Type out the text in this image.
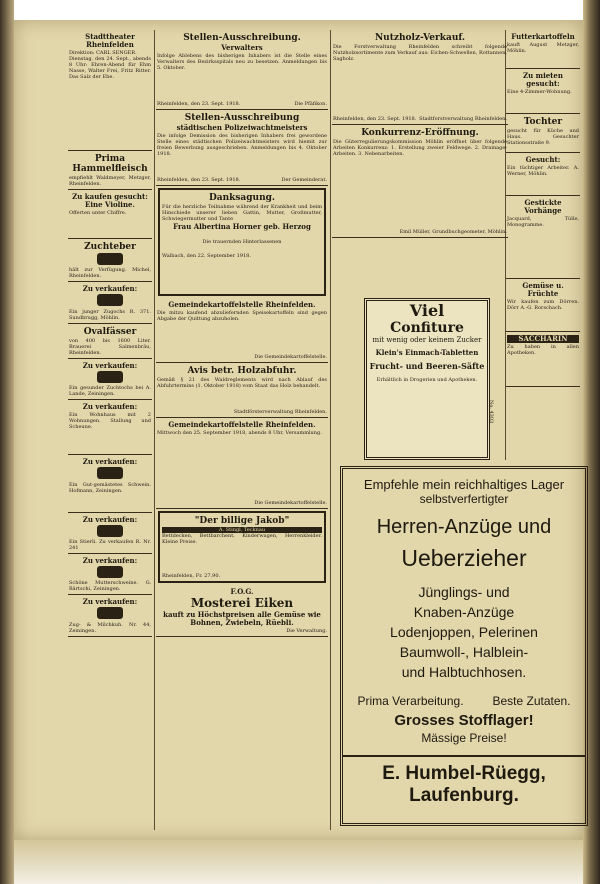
Stadttheater Rheinfelden
Direktion: CARL SENGER.
Dienstag, den 24. Sept., abends 8 Uhr: Ehren-Abend für Ehm Nasse, Walter Frei, Fritz Ritter. Das Salz der Ehe.
Prima Hammelfleisch
empfiehlt Waldmeyer, Metzger, Rheinfelden.
Zu kaufen gesucht: Eine Violine.
Offerten unter Chiffre.
Zuchteber
hält zur Verfügung. Michel, Rheinfelden.
Zu verkaufen:
Ein junger Zugochs R. 371. Sundbrugg, Möhlin.
Ovalfässer
von 400 bis 1600 Liter. Brauerei Salmenbräu, Rheinfelden.
Zu verkaufen:
Ein gesunder Zuchtochs bei A. Lande, Zeiningen.
Zu verkaufen:
Ein Wohnhaus mit 2 Wohnungen. Stallung und Scheune.
Zu verkaufen:
Ein Gut-gemästetes Schwein. Hofmann, Zeiningen.
Zu verkaufen:
Ein Stierli. Zu verkaufen R. Nr. 241
Zu verkaufen:
Schöne Mutterschweine. G. Bärtschi, Zeiningen.
Zu verkaufen:
Zug- & Milchkuh. Nr. 44, Zeiningen.
Stellen-Ausschreibung.
Verwalters
Infolge Ablebens des bisherigen Inhabers ist die Stelle eines Verwalters des Bezirksspitals neu zu besetzen. Anmeldungen bis 5. Oktober.
Rheinfelden, den 23. Sept. 1918.	Die Pfäfikon.
Stellen-Ausschreibung
städtischen Polizeiwachtmeisters
Die infolge Demission des bisherigen Inhabers frei gewordene Stelle eines städtischen Polizeiwachtmeisters wird hiemit zur freien Bewerbung ausgeschrieben. Anmeldungen bis 4. Oktober 1918.
Rheinfelden, den 23. Sept. 1918.	Der Gemeinderat.
Danksagung.
Für die herzliche Teilnahme während der Krankheit und beim Hinschiede unserer lieben Gattin, Mutter, Großmutter, Schwiegermutter und Tante
Frau Albertina Horner geb. Herzog
Die trauernden Hinterlassenen
Walbach, den 22. September 1918.
Gemeindekartoffelstelle Rheinfelden.
Die mitzu kaufend abzuliefernden Speisekartoffeln sind gegen Abgabe der Quittung abzuholen.
Die Gemeindekartoffelstelle.
Avis betr. Holzabfuhr.
Gemäß § 21 des Waldreglements wird nach Ablauf des Abfuhrtermins (1. Oktober 1918) vom Staat das Holz behandelt.
Stadtförsterverwaltung Rheinfelden.
Gemeindekartoffelstelle Rheinfelden.
Mittwoch den 25. September 1918, abends 8 Uhr, Versammlung.
Die Gemeindekartoffelstelle.
"Der billige Jakob"
A. Stingl, Tecknau
Bettdecken, Bettbarchent, Kinderwagen, Herrenkleider. Kleine Preise.
Rheinfelden, Fr. 27.90.
F.O.G.
Mosterei Eiken
kauft zu Höchstpreisen alle Gemüse wie Bohnen, Zwiebeln, Rüebli.
Die Verwaltung.
Nutzholz-Verkauf.
Die Forstverwaltung Rheinfelden schreibt folgende Nutzholzsortimente zum Verkauf aus: Eichen-Schwellen, Rottannen, Sagholz.
Rheinfelden, den 23. Sept. 1918. Stadtforstverwaltung Rheinfelden.
Konkurrenz-Eröffnung.
Die Güterregulierungskommission Möhlin eröffnet über folgende Arbeiten Konkurrenz: 1. Erstellung zweier Feldwege. 2. Drainage-Arbeiten. 3. Nebenarbeiten.
Emil Müller, Grundbuchgeometer, Möhlin.
Viel
Confiture
mit wenig oder keinem Zucker
Klein's Einmach-Tabletten
Frucht- und Beeren-Säfte
Erhältlich in Drogerien und Apotheken.
No. 4303
Futterkartoffeln
kauft August Metzger, Möhlin.
Zu mieten gesucht:
Eine 4-Zimmer-Wohnung.
Tochter
gesucht für Küche und Haus. Gesuchter Stationsstraße 9.
Gesucht:
Ein tüchtiger Arbeiter. A. Werner, Möhlin.
Gestickte Vorhänge
Jacquard, Tülle, Monogramme.
Gemüse u. Früchte
Wir kaufen zum Dörren. Dörr A.-G. Rorschach.
SACCHARIN
Zu haben in allen Apotheken.
Empfehle mein reichhaltiges Lager
selbstverfertigter
Herren-Anzüge und
Ueberzieher
Jünglings- und
Knaben-Anzüge
Lodenjoppen, Pelerinen
Baumwoll-, Halblein-
und Halbtuchhosen.
Prima Verarbeitung. Beste Zutaten.
Grosses Stofflager!
Mässige Preise!
E. Humbel-Rüegg,
Laufenburg.
